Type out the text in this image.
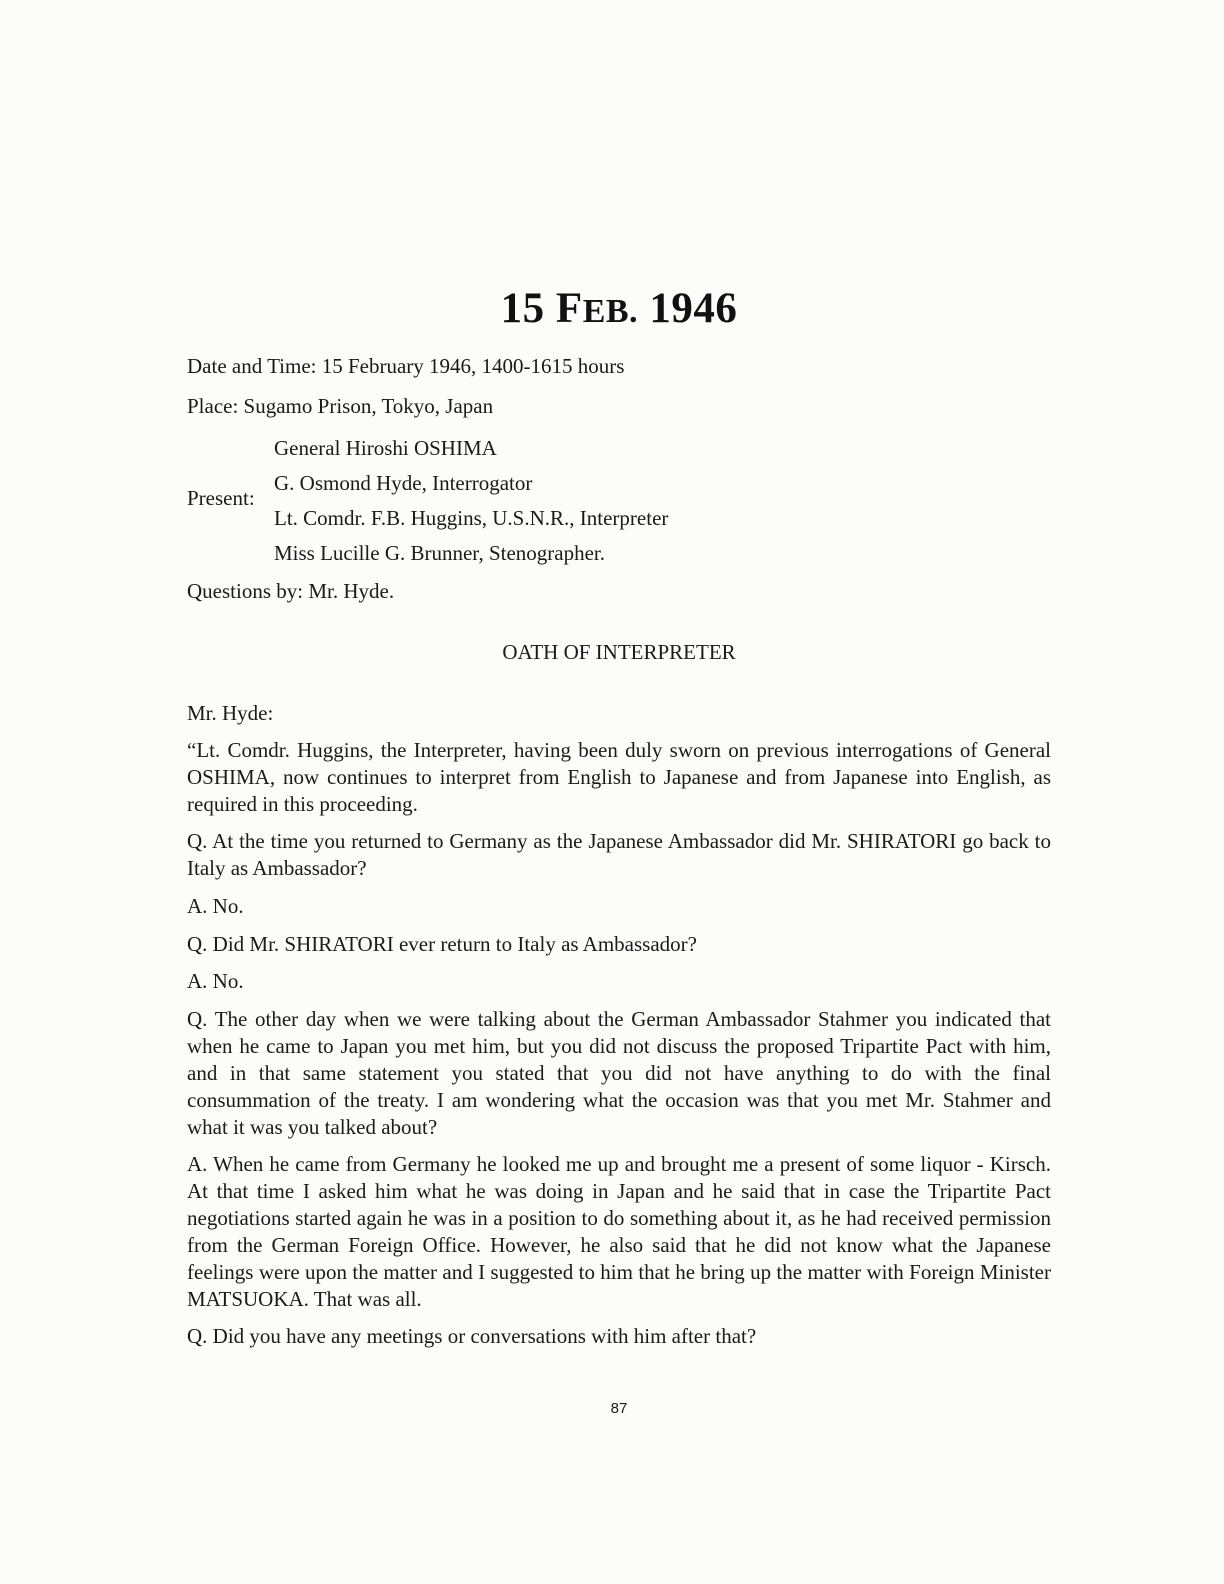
15 FEB. 1946
Date and Time: 15 February 1946, 1400-1615 hours
Place: Sugamo Prison, Tokyo, Japan
Present:
General Hiroshi OSHIMA
G. Osmond Hyde, Interrogator
Lt. Comdr. F.B. Huggins, U.S.N.R., Interpreter
Miss Lucille G. Brunner, Stenographer.
Questions by: Mr. Hyde.
OATH OF INTERPRETER
Mr. Hyde:
“Lt. Comdr. Huggins, the Interpreter, having been duly sworn on previous interrogations of General OSHIMA, now continues to interpret from English to Japanese and from Japanese into English, as required in this proceeding.
Q. At the time you returned to Germany as the Japanese Ambassador did Mr. SHIRATORI go back to Italy as Ambassador?
A. No.
Q. Did Mr. SHIRATORI ever return to Italy as Ambassador?
A. No.
Q. The other day when we were talking about the German Ambassador Stahmer you indicated that when he came to Japan you met him, but you did not discuss the proposed Tripartite Pact with him, and in that same statement you stated that you did not have anything to do with the final consummation of the treaty. I am wondering what the occasion was that you met Mr. Stahmer and what it was you talked about?
A. When he came from Germany he looked me up and brought me a present of some liquor - Kirsch. At that time I asked him what he was doing in Japan and he said that in case the Tripartite Pact negotiations started again he was in a position to do something about it, as he had received permission from the German Foreign Office. However, he also said that he did not know what the Japanese feelings were upon the matter and I suggested to him that he bring up the matter with Foreign Minister MATSUOKA. That was all.
Q. Did you have any meetings or conversations with him after that?
87
